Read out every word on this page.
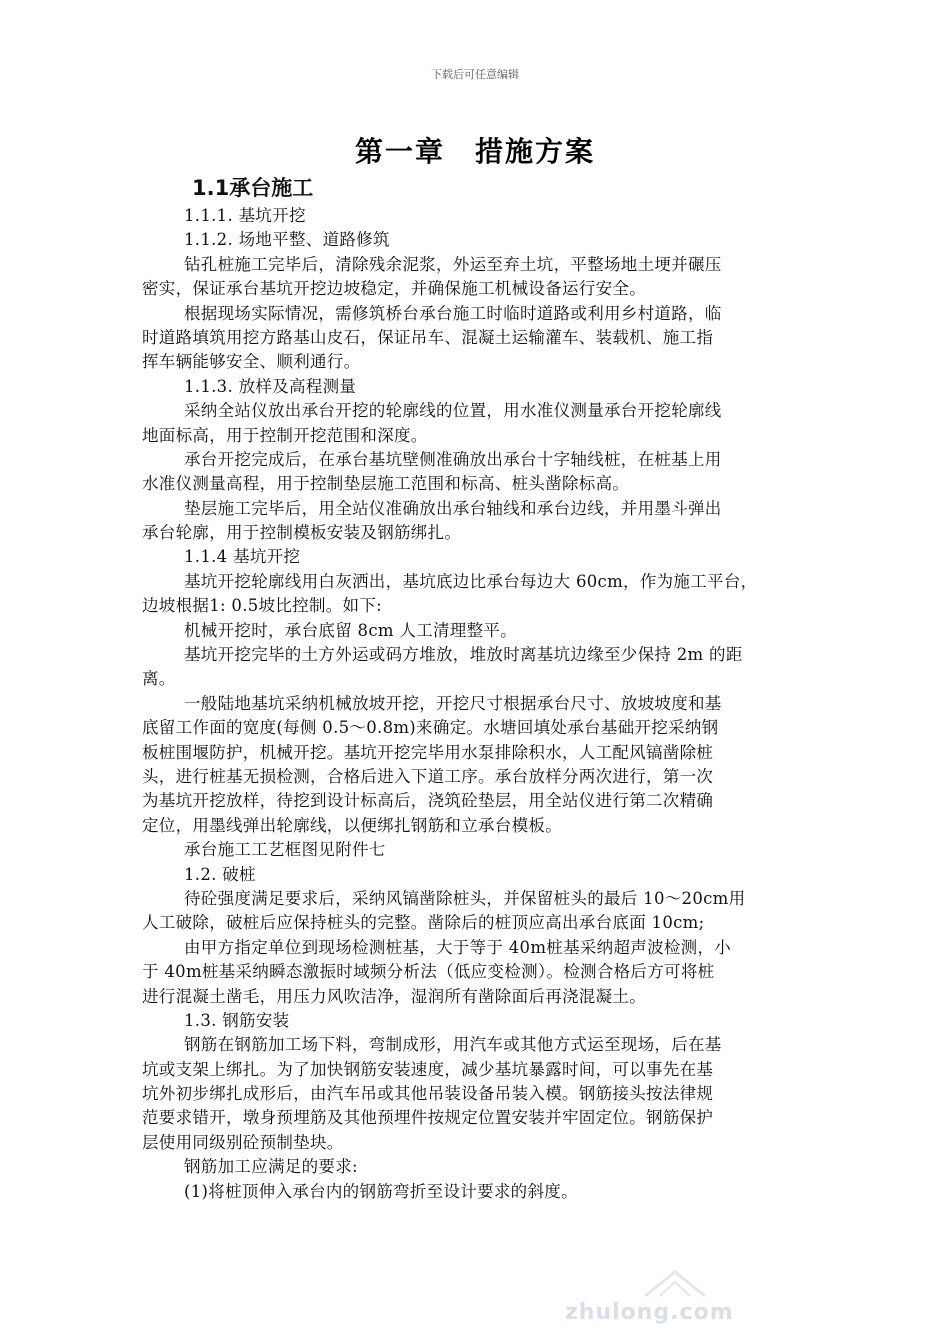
下载后可任意编辑
第一章　措施方案
1.1承台施工
1.1.1. 基坑开挖
1.1.2. 场地平整、道路修筑
钻孔桩施工完毕后，清除残余泥浆，外运至弃土坑，平整场地土埂并碾压
密实，保证承台基坑开挖边坡稳定，并确保施工机械设备运行安全。
根据现场实际情况，需修筑桥台承台施工时临时道路或利用乡村道路，临
时道路填筑用挖方路基山皮石，保证吊车、混凝土运输灌车、装载机、施工指
挥车辆能够安全、顺利通行。
1.1.3. 放样及高程测量
采纳全站仪放出承台开挖的轮廓线的位置，用水准仪测量承台开挖轮廓线
地面标高，用于控制开挖范围和深度。
承台开挖完成后，在承台基坑壁侧准确放出承台十字轴线桩，在桩基上用
水准仪测量高程，用于控制垫层施工范围和标高、桩头凿除标高。
垫层施工完毕后，用全站仪准确放出承台轴线和承台边线，并用墨斗弹出
承台轮廓，用于控制模板安装及钢筋绑扎。
1.1.4 基坑开挖
基坑开挖轮廓线用白灰洒出，基坑底边比承台每边大 60cm，作为施工平台，
边坡根据1: 0.5坡比控制。如下:
机械开挖时，承台底留 8cm 人工清理整平。
基坑开挖完毕的土方外运或码方堆放，堆放时离基坑边缘至少保持 2m 的距
离。
一般陆地基坑采纳机械放坡开挖，开挖尺寸根据承台尺寸、放坡坡度和基
底留工作面的宽度(每侧 0.5～0.8m)来确定。水塘回填处承台基础开挖采纳钢
板桩围堰防护，机械开挖。基坑开挖完毕用水泵排除积水，人工配风镐凿除桩
头，进行桩基无损检测，合格后进入下道工序。承台放样分两次进行，第一次
为基坑开挖放样，待挖到设计标高后，浇筑砼垫层，用全站仪进行第二次精确
定位，用墨线弹出轮廓线，以便绑扎钢筋和立承台模板。
承台施工工艺框图见附件七
1.2. 破桩
待砼强度满足要求后，采纳风镐凿除桩头，并保留桩头的最后 10～20cm用
人工破除，破桩后应保持桩头的完整。凿除后的桩顶应高出承台底面 10cm;
由甲方指定单位到现场检测桩基，大于等于 40m桩基采纳超声波检测，小
于 40m桩基采纳瞬态激振时域频分析法（低应变检测）。检测合格后方可将桩
进行混凝土凿毛，用压力风吹洁净，湿润所有凿除面后再浇混凝土。
1.3. 钢筋安装
钢筋在钢筋加工场下料，弯制成形，用汽车或其他方式运至现场，后在基
坑或支架上绑扎。为了加快钢筋安装速度，减少基坑暴露时间，可以事先在基
坑外初步绑扎成形后，由汽车吊或其他吊装设备吊装入模。钢筋接头按法律规
范要求错开，墩身预埋筋及其他预埋件按规定位置安装并牢固定位。钢筋保护
层使用同级别砼预制垫块。
钢筋加工应满足的要求:
(1)将桩顶伸入承台内的钢筋弯折至设计要求的斜度。
zhulong.com
